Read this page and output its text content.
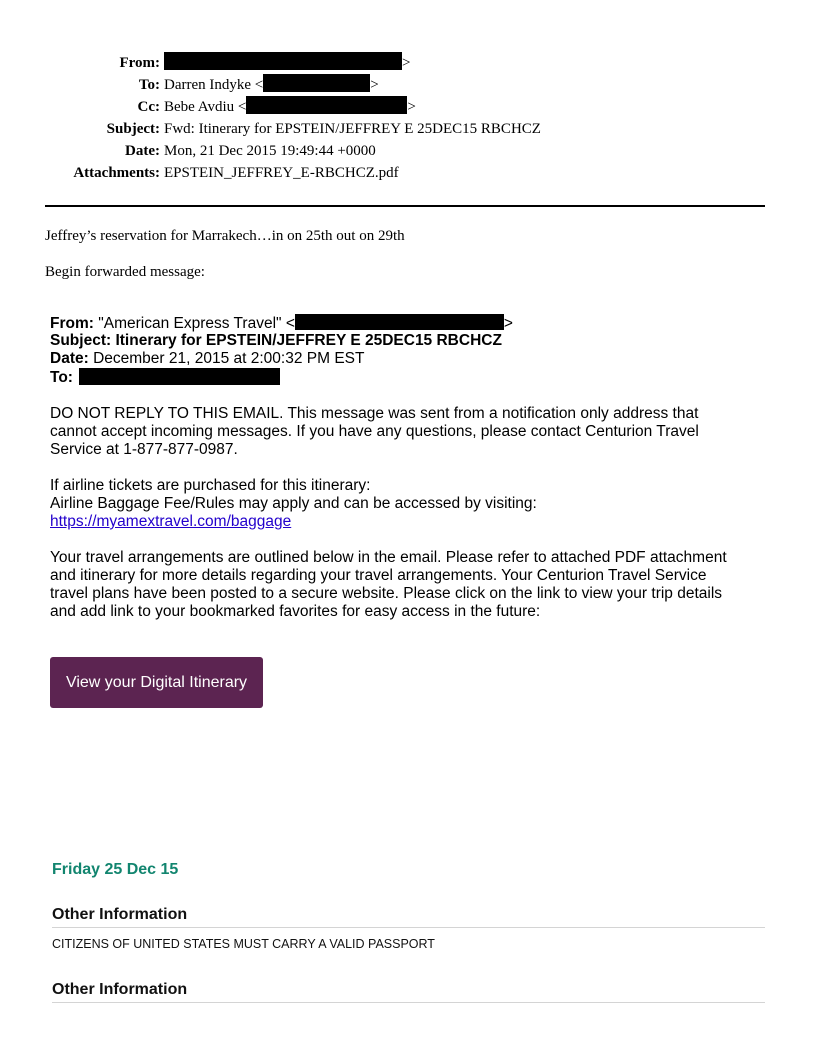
From:	>
To: Darren Indyke <	>
Cc: Bebe Avdiu <	>
Subject: Fwd: Itinerary for EPSTEIN/JEFFREY E 25DEC15 RBCHCZ
Date: Mon, 21 Dec 2015 19:49:44 +0000
Attachments: EPSTEIN_JEFFREY_E-RBCHCZ.pdf
Jeffrey’s reservation for Marrakech…in on 25th out on 29th
Begin forwarded message:
From: "American Express Travel" <	>
Subject: Itinerary for EPSTEIN/JEFFREY E 25DEC15 RBCHCZ
Date: December 21, 2015 at 2:00:32 PM EST
To:
DO NOT REPLY TO THIS EMAIL. This message was sent from a notification only address that
cannot accept incoming messages. If you have any questions, please contact Centurion Travel
Service at 1-877-877-0987.
If airline tickets are purchased for this itinerary:
Airline Baggage Fee/Rules may apply and can be accessed by visiting:
https://myamextravel.com/baggage
Your travel arrangements are outlined below in the email. Please refer to attached PDF attachment
and itinerary for more details regarding your travel arrangements. Your Centurion Travel Service
travel plans have been posted to a secure website. Please click on the link to view your trip details
and add link to your bookmarked favorites for easy access in the future:
View your Digital Itinerary
Friday 25 Dec 15
Other Information
CITIZENS OF UNITED STATES MUST CARRY A VALID PASSPORT
Other Information
